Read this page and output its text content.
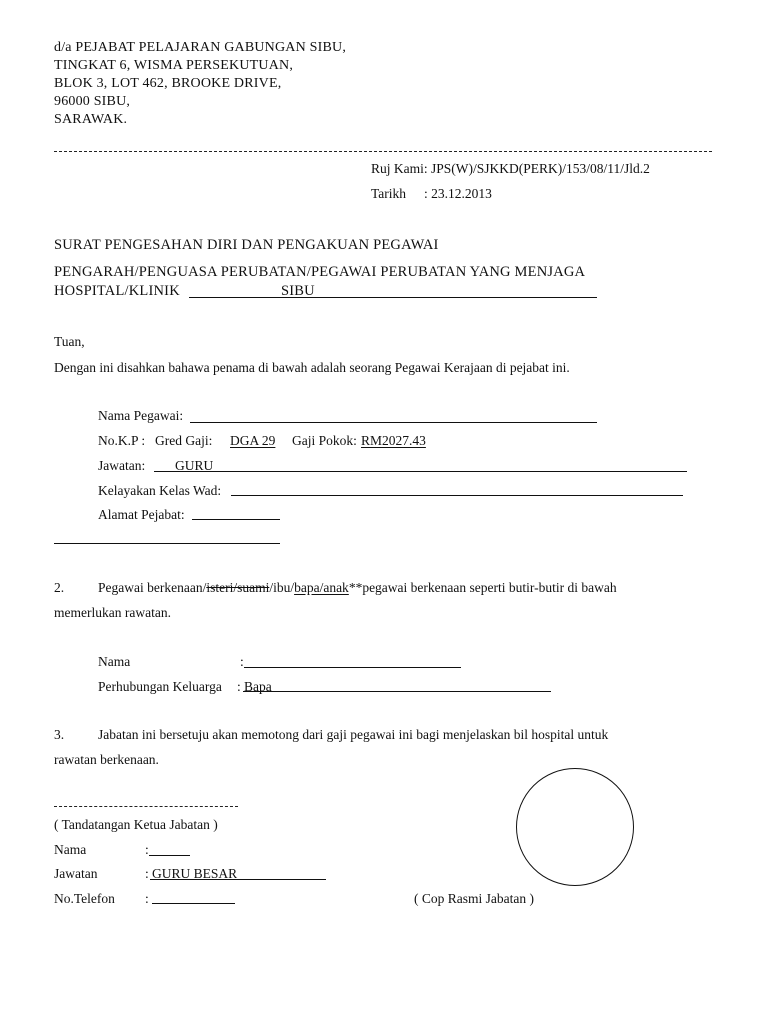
d/a PEJABAT PELAJARAN GABUNGAN SIBU,
TINGKAT 6, WISMA PERSEKUTUAN,
BLOK 3, LOT 462, BROOKE DRIVE,
96000 SIBU,
SARAWAK.
Ruj Kami: JPS(W)/SJKKD(PERK)/153/08/11/Jld.2
Tarikh : 23.12.2013
SURAT PENGESAHAN DIRI DAN PENGAKUAN PEGAWAI
PENGARAH/PENGUASA PERUBATAN/PEGAWAI PERUBATAN YANG MENJAGA
HOSPITAL/KLINIK	SIBU
Tuan,
Dengan ini disahkan bahawa penama di bawah adalah seorang Pegawai Kerajaan di pejabat ini.
Nama Pegawai:
No.K.P : Gred Gaji: DGA 29 Gaji Pokok: RM2027.43
Jawatan: GURU
Kelayakan Kelas Wad:
Alamat Pejabat:
2.	Pegawai berkenaan/isteri/suami/ibu/bapa/anak**pegawai berkenaan seperti butir-butir di bawah
memerlukan rawatan.
Nama	:
Perhubungan Keluarga : Bapa
3.	Jabatan ini bersetuju akan memotong dari gaji pegawai ini bagi menjelaskan bil hospital untuk
rawatan berkenaan.
( Tandatangan Ketua Jabatan )
Nama	:
Jawatan	: GURU BESAR
No.Telefon :	( Cop Rasmi Jabatan )
